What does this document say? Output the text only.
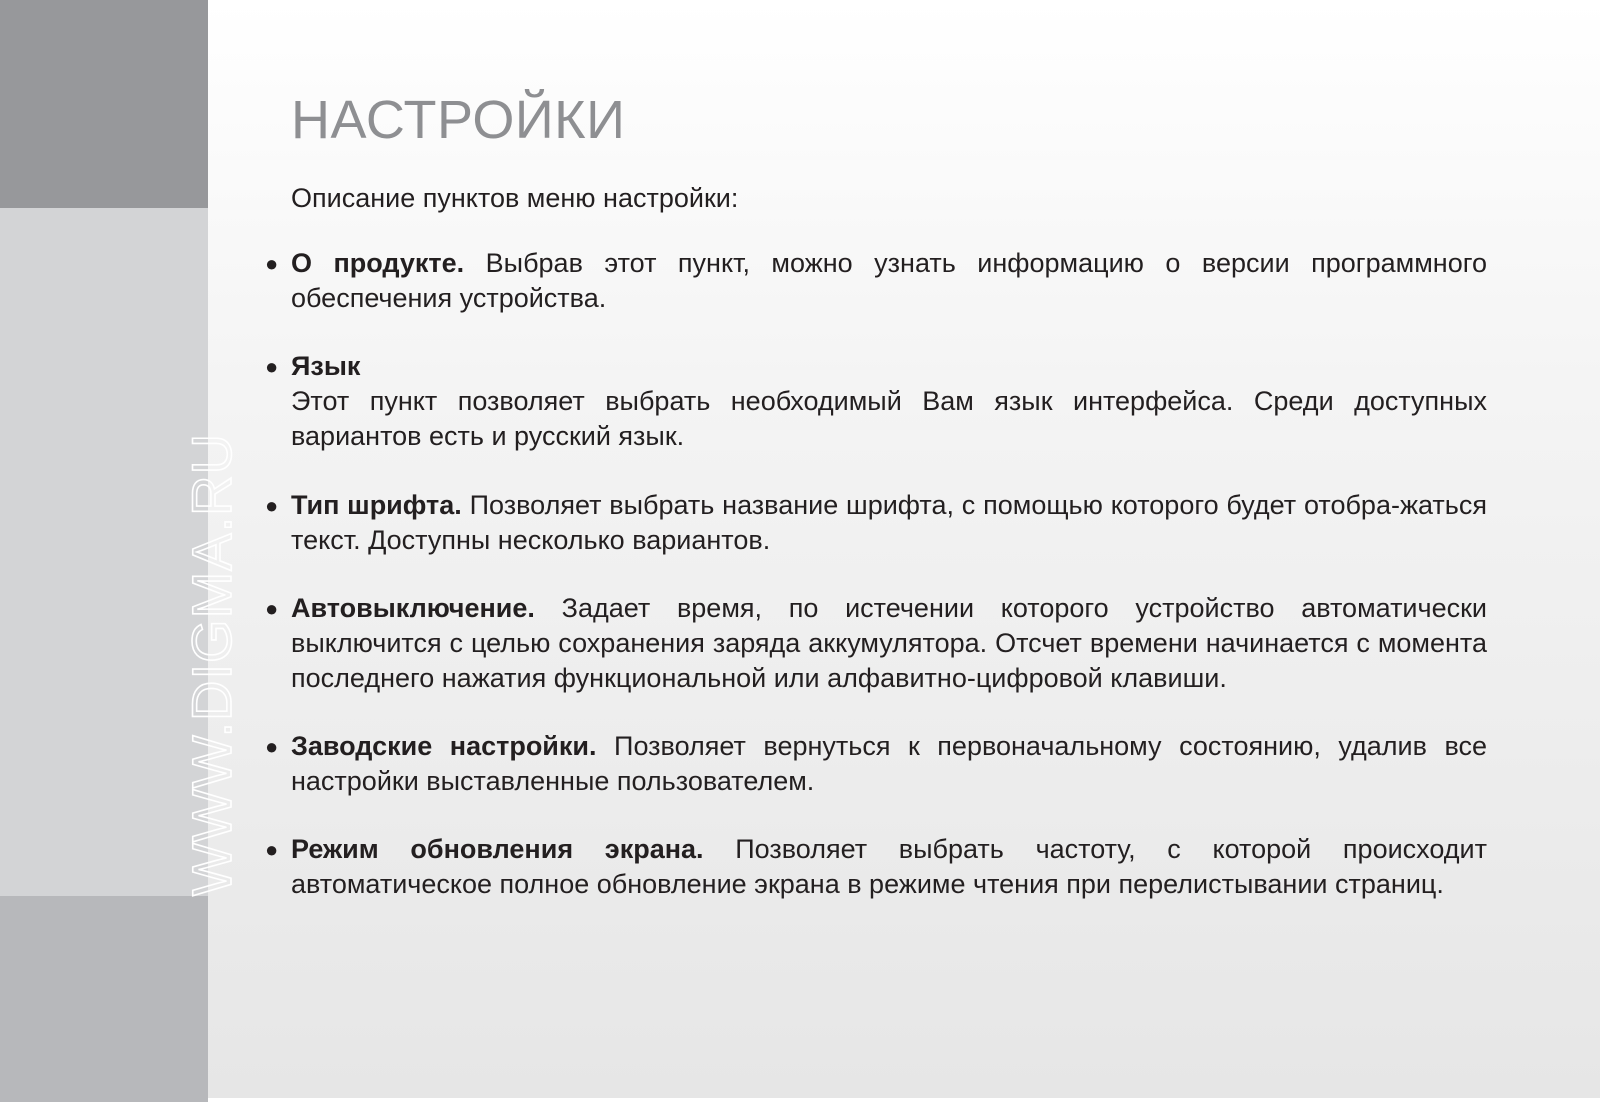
WWW.DIGMA.RU
НАСТРОЙКИ

Описание пунктов меню настройки:

● О продукте. Выбрав этот пункт, можно узнать информацию о версии программного обеспечения устройства.

● Язык
Этот пункт позволяет выбрать необходимый Вам язык интерфейса. Среди доступных вариантов есть и русский язык.

● Тип шрифта. Позволяет выбрать название шрифта, с помощью которого будет отобра-жаться текст. Доступны несколько вариантов.

● Автовыключение. Задает время, по истечении которого устройство автоматически выключится с целью сохранения заряда аккумулятора. Отсчет времени начинается с момента последнего нажатия функциональной или алфавитно-цифровой клавиши.

● Заводские настройки. Позволяет вернуться к первоначальному состоянию, удалив все настройки выставленные пользователем.

● Режим обновления экрана. Позволяет выбрать частоту, с которой происходит автоматическое полное обновление экрана в режиме чтения при перелистывании страниц.
